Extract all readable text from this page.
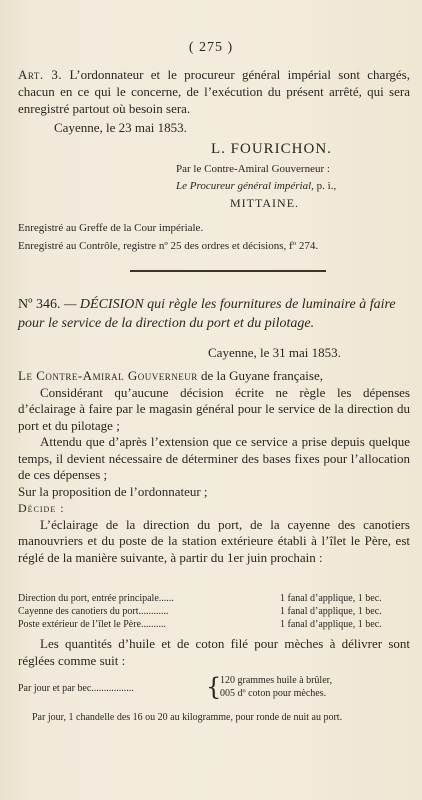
( 275 )
Art. 3. L’ordonnateur et le procureur général impérial sont chargés, chacun en ce qui le concerne, de l’exécution du présent arrêté, qui sera enregistré partout où besoin sera.
Cayenne, le 23 mai 1853.
L. FOURICHON.
Par le Contre-Amiral Gouverneur :
Le Procureur général impérial, p. i.,
MITTAINE.
Enregistré au Greffe de la Cour impériale.
Enregistré au Contrôle, registre nº 25 des ordres et décisions, fº 274.
Nº 346. — DÉCISION qui règle les fournitures de luminaire à faire pour le service de la direction du port et du pilotage.
Cayenne, le 31 mai 1853.

Le Contre-Amiral Gouverneur de la Guyane française,

Considérant qu’aucune décision écrite ne règle les dépenses d’éclairage à faire par le magasin général pour le service de la direction du port et du pilotage ;

Attendu que d’après l’extension que ce service a prise depuis quelque temps, il devient nécessaire de déterminer des bases fixes pour l’allocation de ces dépenses ;

Sur la proposition de l’ordonnateur ;

Décide :

L’éclairage de la direction du port, de la cayenne des canotiers manouvriers et du poste de la station extérieure établi à l’îlet le Père, est réglé de la manière suivante, à partir du 1er juin prochain :

Direction du port, entrée principale......	1 fanal d’applique, 1 bec.
Cayenne des canotiers du port............	1 fanal d’applique, 1 bec.
Poste extérieur de l’îlet le Père..........	1 fanal d’applique, 1 bec.

Les quantités d’huile et de coton filé pour mèches à délivrer sont réglées comme suit :

Par jour et par bec.................	{
120 grammes huile à brûler,
005 dº coton pour mèches.
Par jour, 1 chandelle des 16 ou 20 au kilogramme, pour ronde de nuit au port.
